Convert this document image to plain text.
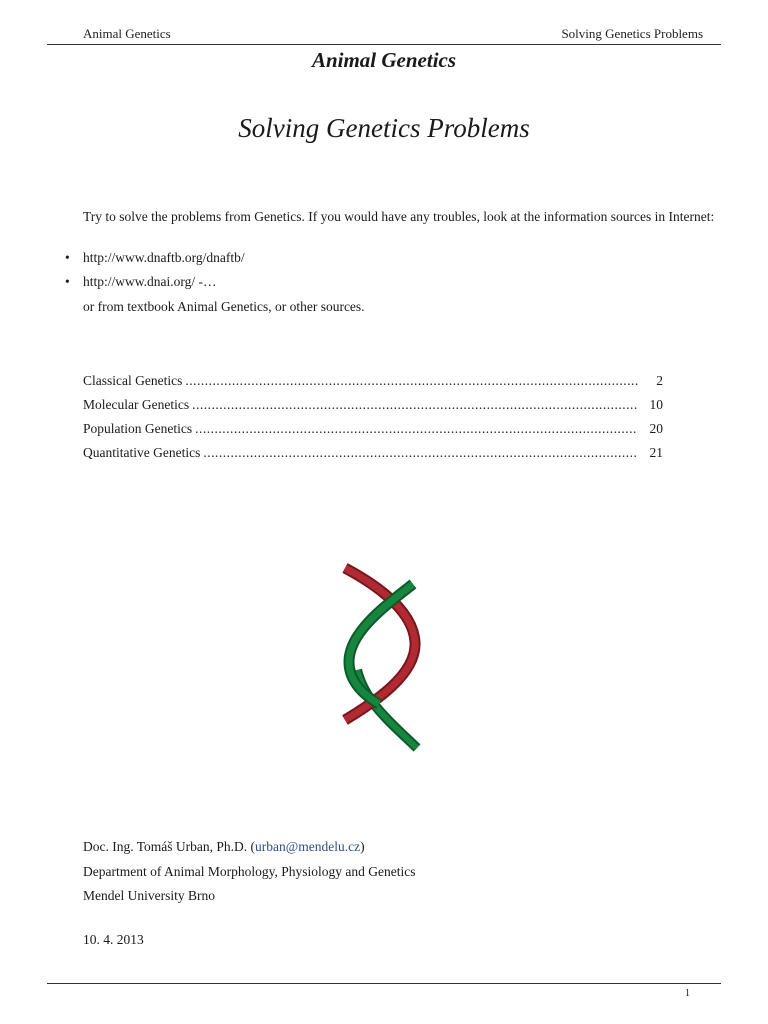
Animal Genetics	Solving Genetics Problems
Animal Genetics
Solving Genetics Problems

Try to solve the problems from Genetics. If you would have any troubles, look at the information sources in Internet:

• http://www.dnaftb.org/dnaftb/
• http://www.dnai.org/ -…

or from textbook Animal Genetics, or other sources.

Classical Genetics .....	2
Molecular Genetics .....	10
Population Genetics .....	20
Quantitative Genetics .....	21
Doc. Ing. Tomáš Urban, Ph.D. (urban@mendelu.cz)
Department of Animal Morphology, Physiology and Genetics
Mendel University Brno
10. 4. 2013
1
